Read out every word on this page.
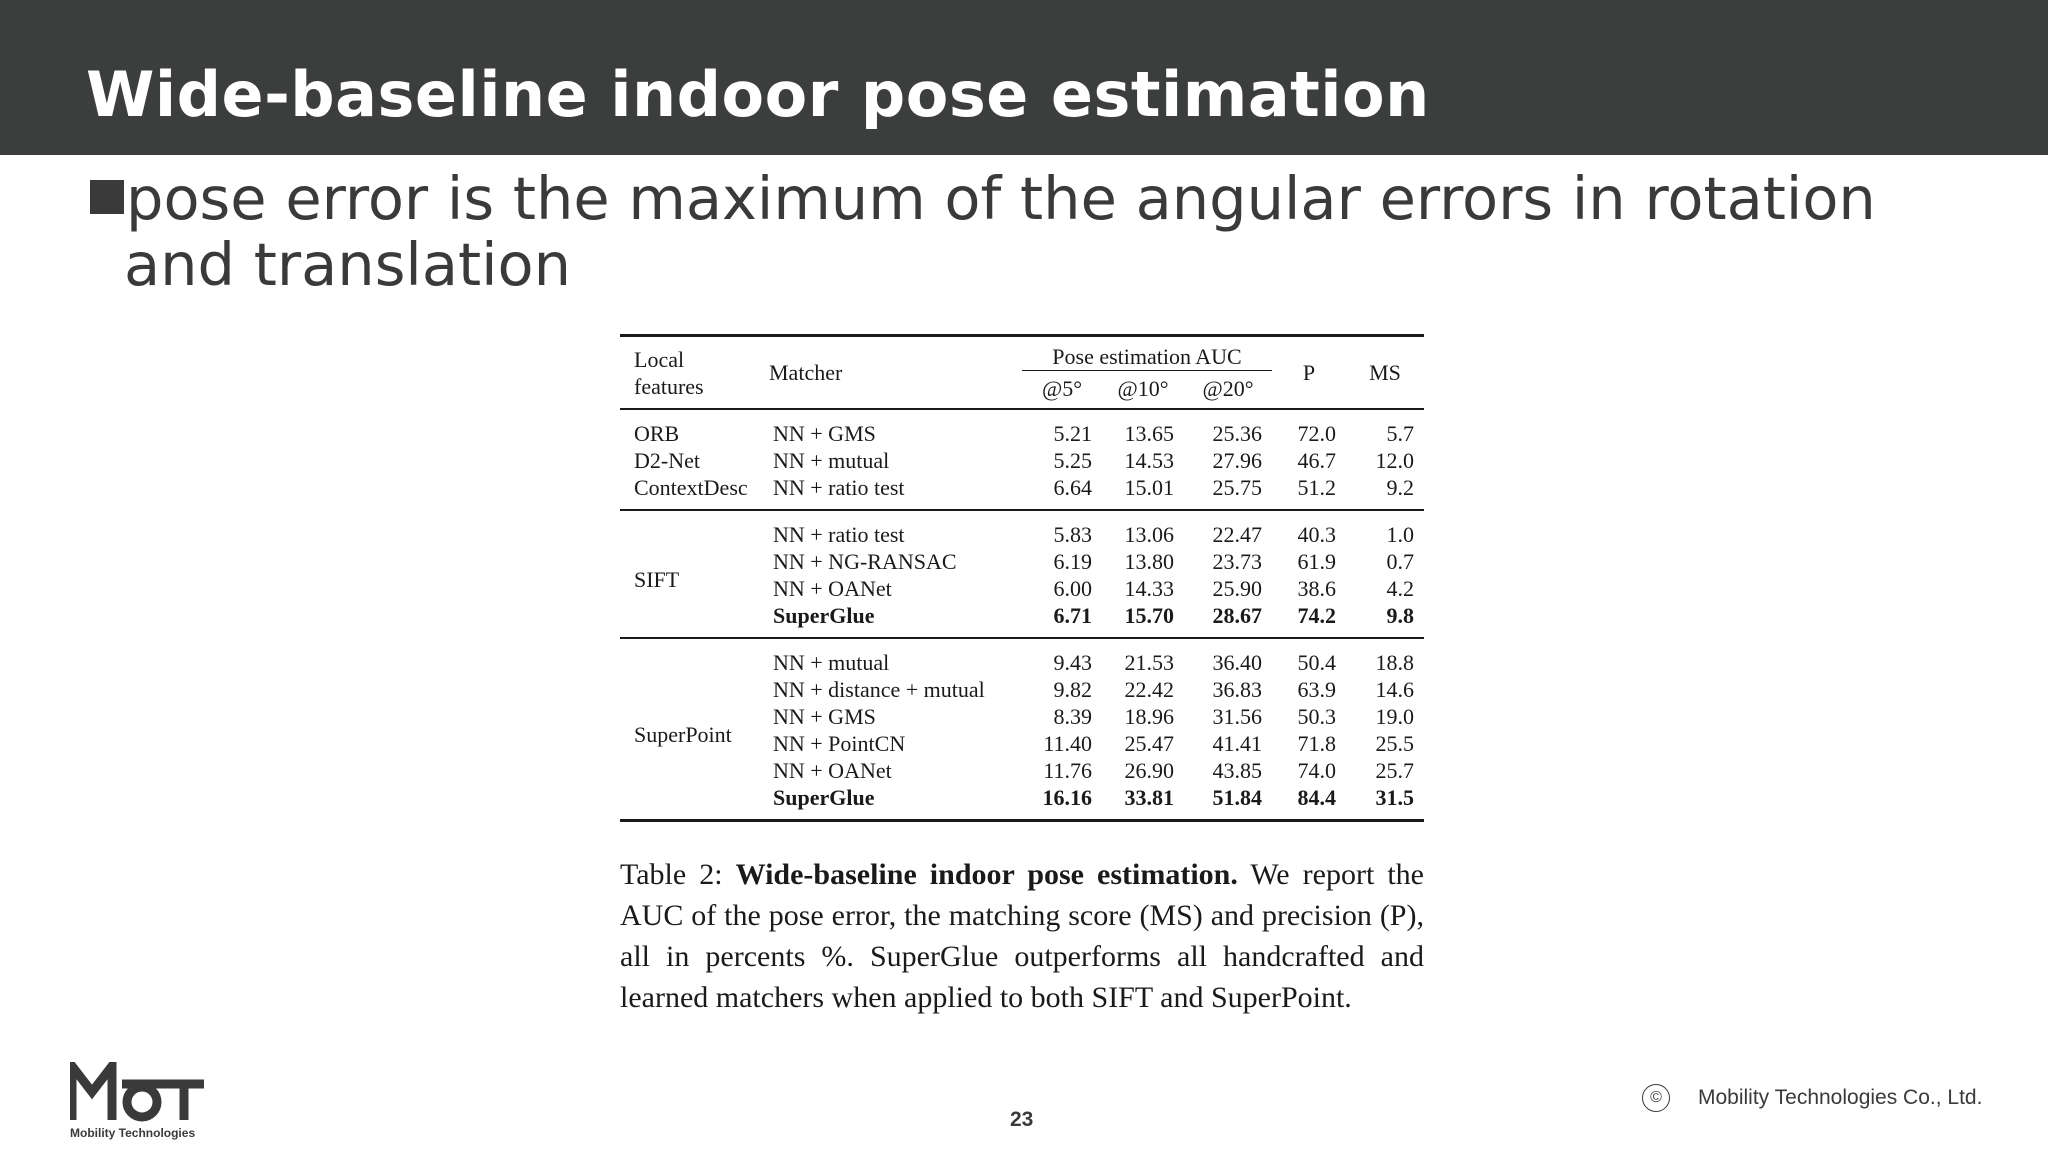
Wide-baseline indoor pose estimation
pose error is the maximum of the angular errors in rotation
and translation
Local
features	Matcher	Pose estimation AUC			P	MS
		@5°	@10°	@20°		
ORB	NN + GMS	5.21	13.65	25.36	72.0	5.7
D2-Net	NN + mutual	5.25	14.53	27.96	46.7	12.0
ContextDesc	NN + ratio test	6.64	15.01	25.75	51.2	9.2
SIFT	NN + ratio test	5.83	13.06	22.47	40.3	1.0
	NN + NG-RANSAC	6.19	13.80	23.73	61.9	0.7
	NN + OANet	6.00	14.33	25.90	38.6	4.2
	SuperGlue	6.71	15.70	28.67	74.2	9.8
SuperPoint	NN + mutual	9.43	21.53	36.40	50.4	18.8
	NN + distance + mutual	9.82	22.42	36.83	63.9	14.6
	NN + GMS	8.39	18.96	31.56	50.3	19.0
	NN + PointCN	11.40	25.47	41.41	71.8	25.5
	NN + OANet	11.76	26.90	43.85	74.0	25.7
	SuperGlue	16.16	33.81	51.84	84.4	31.5
Table 2: Wide-baseline indoor pose estimation. We report the AUC of the pose error, the matching score (MS) and precision (P), all in percents %. SuperGlue outperforms all handcrafted and learned matchers when applied to both SIFT and SuperPoint.
Mobility Technologies
23
©	Mobility Technologies Co., Ltd.
